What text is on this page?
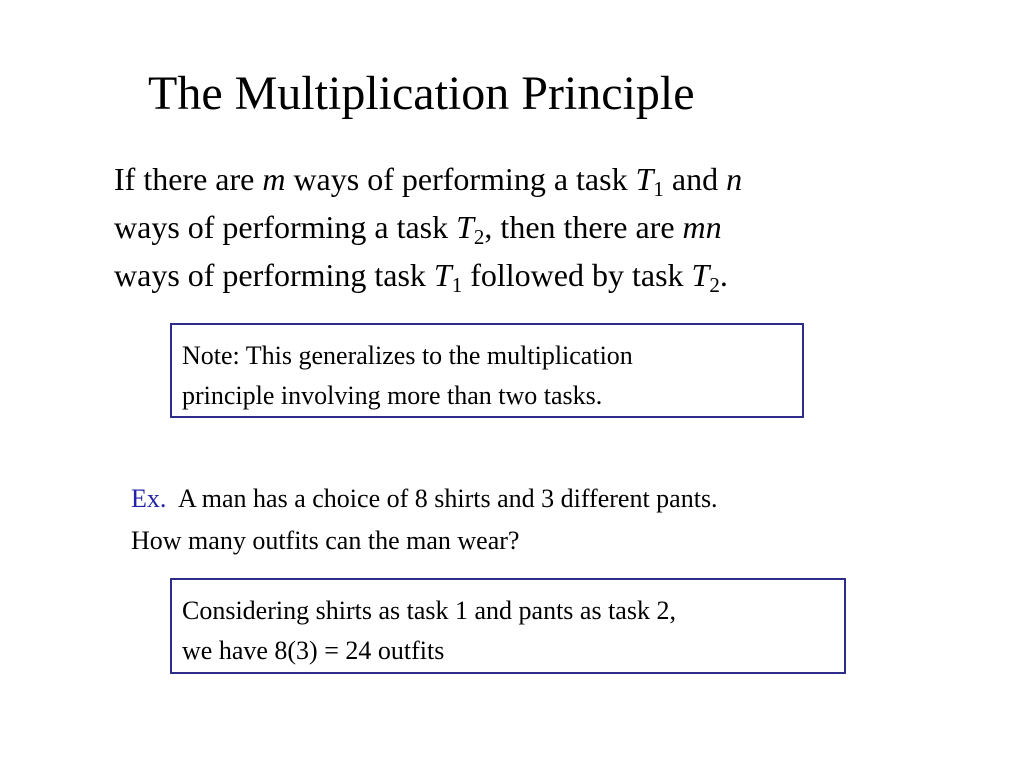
The Multiplication Principle
If there are m ways of performing a task $T_1$ and n
ways of performing a task $T_2$, then there are mn
ways of performing task $T_1$ followed by task $T_2$.
Note: This generalizes to the multiplication
principle involving more than two tasks.
Ex.  A man has a choice of 8 shirts and 3 different pants.
How many outfits can the man wear?
Considering shirts as task 1 and pants as task 2,
we have 8(3) = 24 outfits
